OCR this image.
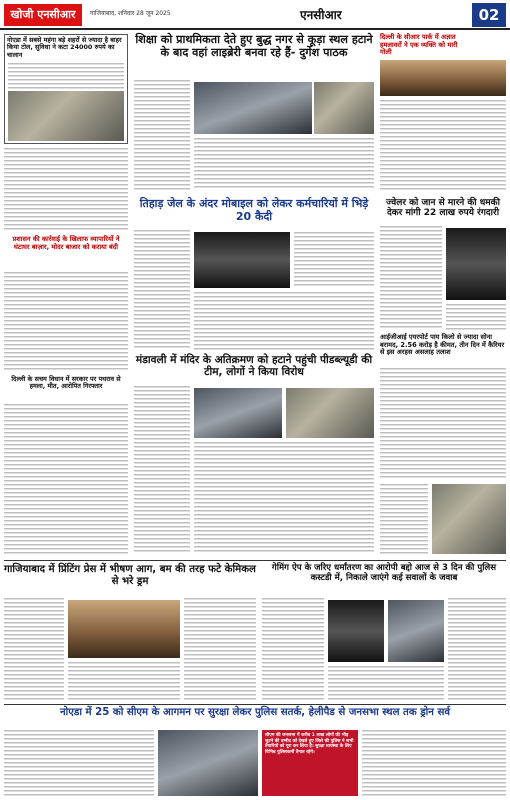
खोजी एनसीआर	गाजियाबाद, शनिवार 28 जून 2025	एनसीआर	02
नोएडा में सबसे महंगा बड़े शहरों से ज्यादा है बाहर किया टोल, सुविधा ने कटा 24000 रुपये का चालान
प्रशासन की कार्रवाई के खिलाफ व्यापारियों ने घंटाघर बाज़ार, मोदर बाजार को कराया बंदी
दिल्ली के सचम विधान में सरकार पर पथराव से हमला, मीत, आरोपित गिरफ्तार
शिक्षा को प्राथमिकता देते हुए बुद्ध नगर से कूड़ा स्थल हटाने के बाद वहां लाइब्रेरी बनवा रहे हैं- दुर्गेश पाठक
तिहाड़ जेल के अंदर मोबाइल को लेकर कर्मचारियों में भिड़े 20 कैदी
मंडावली में मंदिर के अतिक्रमण को हटाने पहुंची पीडब्ल्यूडी की टीम, लोगों ने किया विरोध
दिल्ली के सीआर पार्क में अज्ञात हमलावरों ने एक व्यक्ति को मारी गोली
ज्वेलर को जान से मारने की धमकी देकर मांगी 22 लाख रुपये रंगदारी
आईजीआई एयरपोर्ट पाय किलो से ज्यादा सोना बरामद, 2.56 करोड़ है कीमत, तीन दिन में कैरियर से इस अरहस असलाह तलाश
गाजियाबाद में प्रिंटिंग प्रेस में भीषण आग, बम की तरह फटे केमिकल से भरे ड्रम
गेमिंग ऐप के जरिए धर्मांतरण का आरोपी बद्दो आज से 3 दिन की पुलिस कस्टडी में, निकाले जाएंगे कई सवालों के जवाब
नोएडा में 25 को सीएम के आगमन पर सुरक्षा लेकर पुलिस सतर्क, हेलीपैड से जनसभा स्थल तक ड्रोन सर्व
सीएम की जनसभा में करीब 1 लाख लोगों की भीड़ जुटने की उम्मीद को देखते हुए जिले की पुलिस ने सभी तैयारियों को पूरा कर लिया है। सुरक्षा व्यवस्था के लिए विभिन्न पुलिसकर्मी तैनात रहेंगे।
